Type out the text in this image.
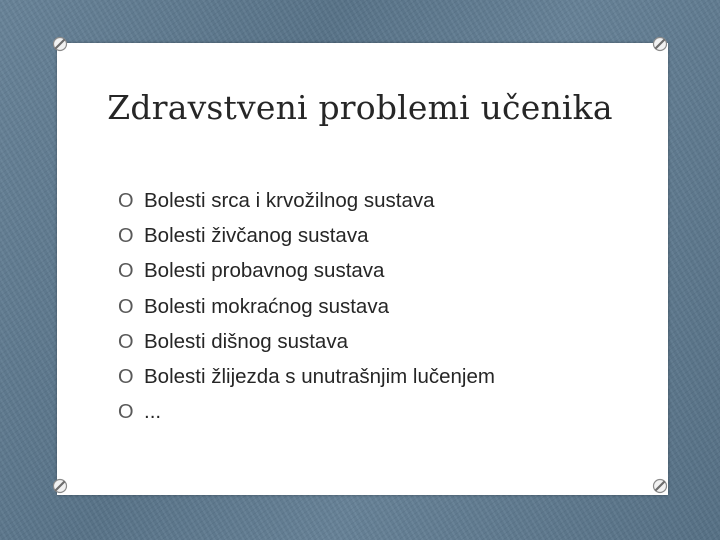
Zdravstveni problemi učenika
O Bolesti srca i krvožilnog sustava
O Bolesti živčanog sustava
O Bolesti probavnog sustava
O Bolesti mokraćnog sustava
O Bolesti dišnog sustava
O Bolesti žlijezda s unutrašnjim lučenjem
O ...
